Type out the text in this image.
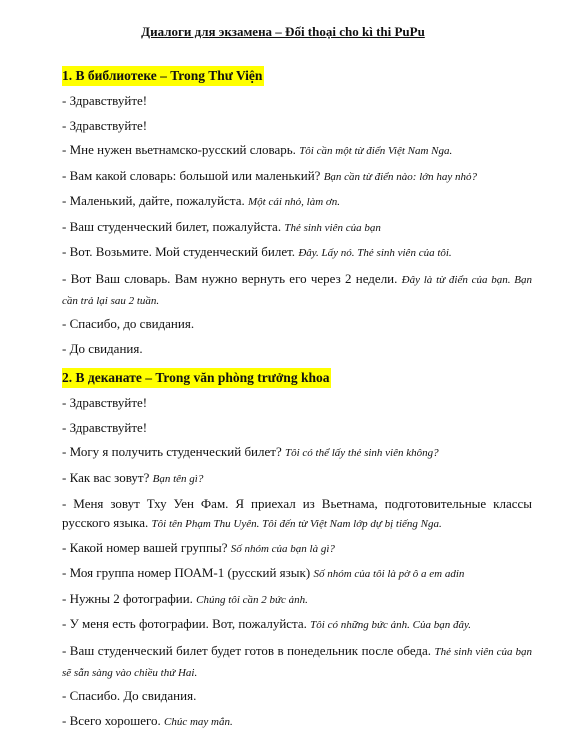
Диалоги для экзамена – Đối thoại cho kì thi PuPu
1. В библиотеке – Trong Thư Viện
- Здравствуйте!
- Здравствуйте!
- Мне нужен вьетнамско-русский словарь. Tôi cần một từ điển Việt Nam Nga.
- Вам какой словарь: большой или маленький? Bạn cần từ điển nào: lớn hay nhỏ?
- Маленький, дайте, пожалуйста. Một cái nhỏ, làm ơn.
- Ваш студенческий билет, пожалуйста. Thẻ sinh viên của bạn
- Вот. Возьмите. Мой студенческий билет. Đây. Lấy nó. Thẻ sinh viên của tôi.
- Вот Ваш словарь. Вам нужно вернуть его через 2 недели. Đây là từ điển của bạn. Bạn cần trả lại sau 2 tuần.
- Спасибо, до свидания.
- До свидания.
2. В деканате – Trong văn phòng trưởng khoa
- Здравствуйте!
- Здравствуйте!
- Могу я получить студенческий билет? Tôi có thể lấy thẻ sinh viên không?
- Как вас зовут? Bạn tên gì?
- Меня зовут Тху Уен Фам. Я приехал из Вьетнама, подготовительные классы русского языка. Tôi tên Phạm Thu Uyên. Tôi đến từ Việt Nam lớp dự bị tiếng Nga.
- Какой номер вашей группы? Số nhóm của bạn là gì?
- Моя группа номер ПОАМ-1 (русский язык) Số nhóm của tôi là pờ ô a em adin
- Нужны 2 фотографии. Chúng tôi cần 2 bức ảnh.
- У меня есть фотографии. Вот, пожалуйста. Tôi có những bức ảnh. Của bạn đây.
- Ваш студенческий билет будет готов в понедельник после обеда. Thẻ sinh viên của bạn sẽ sẵn sàng vào chiều thứ Hai.
- Спасибо. До свидания.
- Всего хорошего. Chúc may mắn.
